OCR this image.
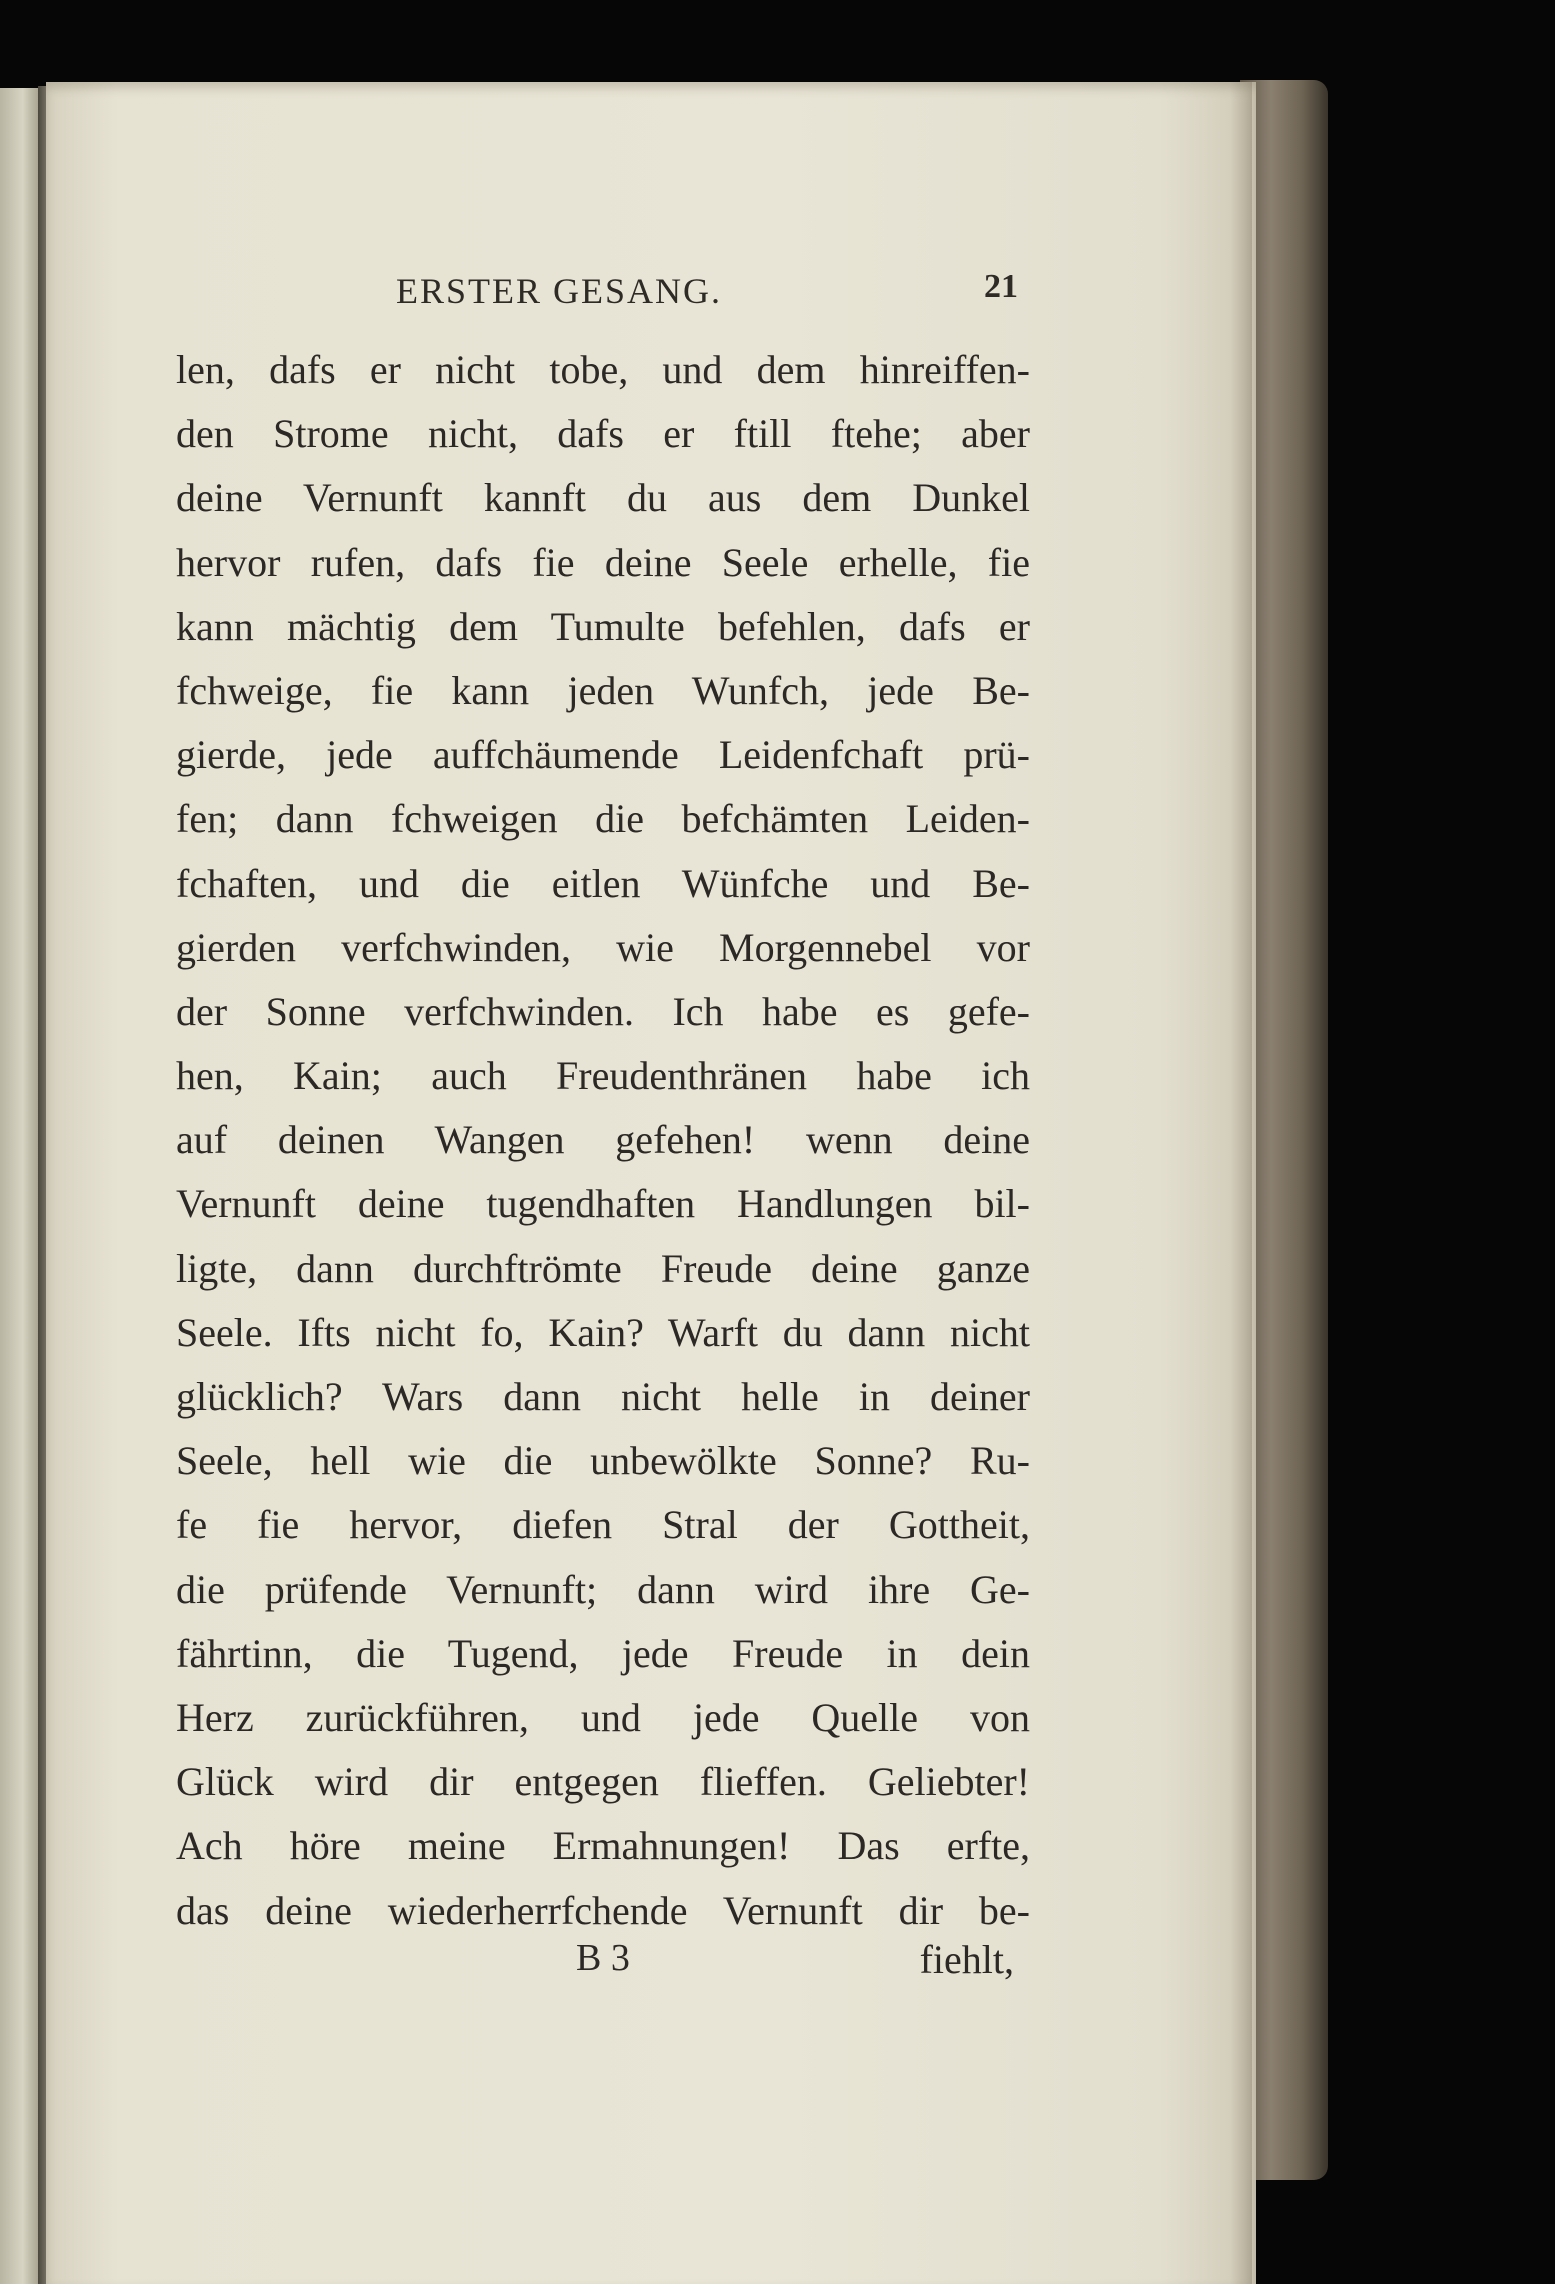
ERSTER GESANG.	21
len, dafs er nicht tobe, und dem hinreiffen-
den Strome nicht, dafs er ftill ftehe; aber
deine Vernunft kannft du aus dem Dunkel
hervor rufen, dafs fie deine Seele erhelle, fie
kann mächtig dem Tumulte befehlen, dafs er
fchweige, fie kann jeden Wunfch, jede Be-
gierde, jede auffchäumende Leidenfchaft prü-
fen; dann fchweigen die befchämten Leiden-
fchaften, und die eitlen Wünfche und Be-
gierden verfchwinden, wie Morgennebel vor
der Sonne verfchwinden. Ich habe es gefe-
hen, Kain; auch Freudenthränen habe ich
auf deinen Wangen gefehen! wenn deine
Vernunft deine tugendhaften Handlungen bil-
ligte, dann durchftrömte Freude deine ganze
Seele. Ifts nicht fo, Kain? Warft du dann nicht
glücklich? Wars dann nicht helle in deiner
Seele, hell wie die unbewölkte Sonne? Ru-
fe fie hervor, diefen Stral der Gottheit,
die prüfende Vernunft; dann wird ihre Ge-
fährtinn, die Tugend, jede Freude in dein
Herz zurückführen, und jede Quelle von
Glück wird dir entgegen flieffen. Geliebter!
Ach höre meine Ermahnungen! Das erfte,
das deine wiederherrfchende Vernunft dir be-
B 3	fiehlt,
